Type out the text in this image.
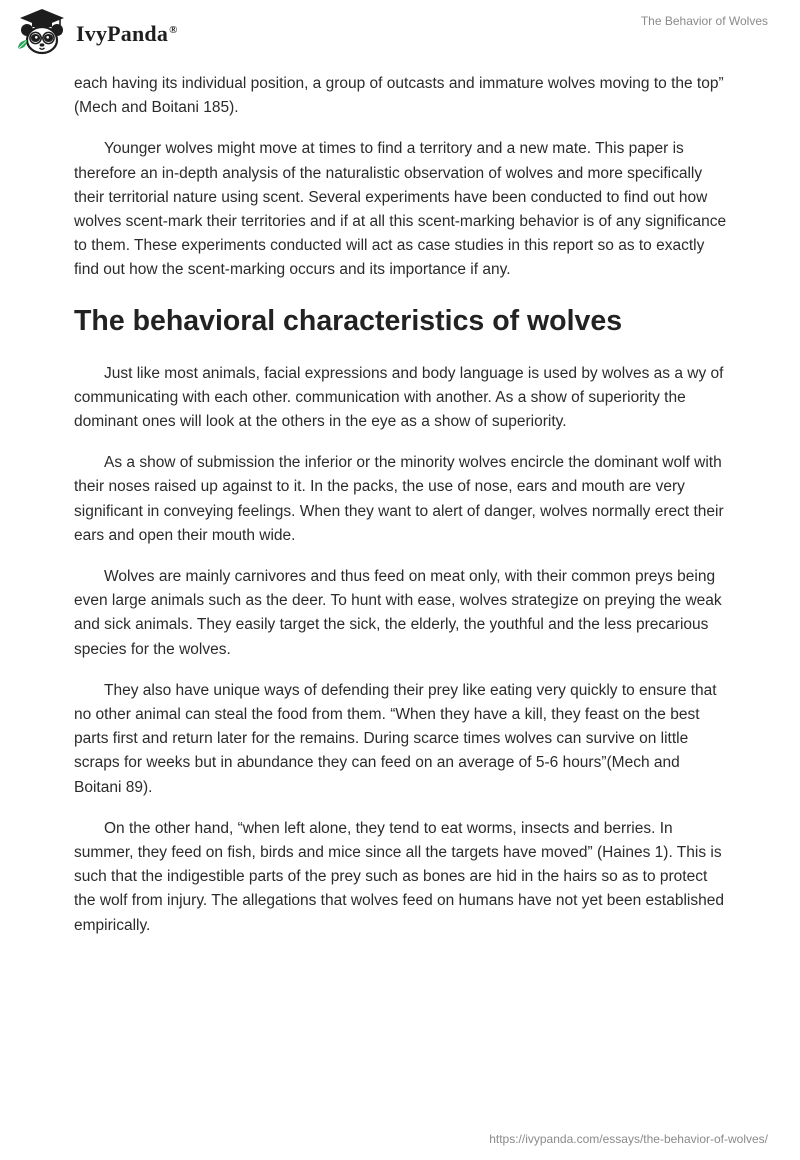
IvyPanda®
The Behavior of Wolves

each having its individual position, a group of outcasts and immature wolves moving to the top” (Mech and Boitani 185).

Younger wolves might move at times to find a territory and a new mate. This paper is therefore an in-depth analysis of the naturalistic observation of wolves and more specifically their territorial nature using scent. Several experiments have been conducted to find out how wolves scent-mark their territories and if at all this scent-marking behavior is of any significance to them. These experiments conducted will act as case studies in this report so as to exactly find out how the scent-marking occurs and its importance if any.

The behavioral characteristics of wolves

Just like most animals, facial expressions and body language is used by wolves as a wy of communicating with each other. communication with another. As a show of superiority the dominant ones will look at the others in the eye as a show of superiority.

As a show of submission the inferior or the minority wolves encircle the dominant wolf with their noses raised up against to it. In the packs, the use of nose, ears and mouth are very significant in conveying feelings. When they want to alert of danger, wolves normally erect their ears and open their mouth wide.

Wolves are mainly carnivores and thus feed on meat only, with their common preys being even large animals such as the deer. To hunt with ease, wolves strategize on preying the weak and sick animals. They easily target the sick, the elderly, the youthful and the less precarious species for the wolves.

They also have unique ways of defending their prey like eating very quickly to ensure that no other animal can steal the food from them. “When they have a kill, they feast on the best parts first and return later for the remains. During scarce times wolves can survive on little scraps for weeks but in abundance they can feed on an average of 5-6 hours”(Mech and Boitani 89).

On the other hand, “when left alone, they tend to eat worms, insects and berries. In summer, they feed on fish, birds and mice since all the targets have moved” (Haines 1). This is such that the indigestible parts of the prey such as bones are hid in the hairs so as to protect the wolf from injury. The allegations that wolves feed on humans have not yet been established empirically.

https://ivypanda.com/essays/the-behavior-of-wolves/
